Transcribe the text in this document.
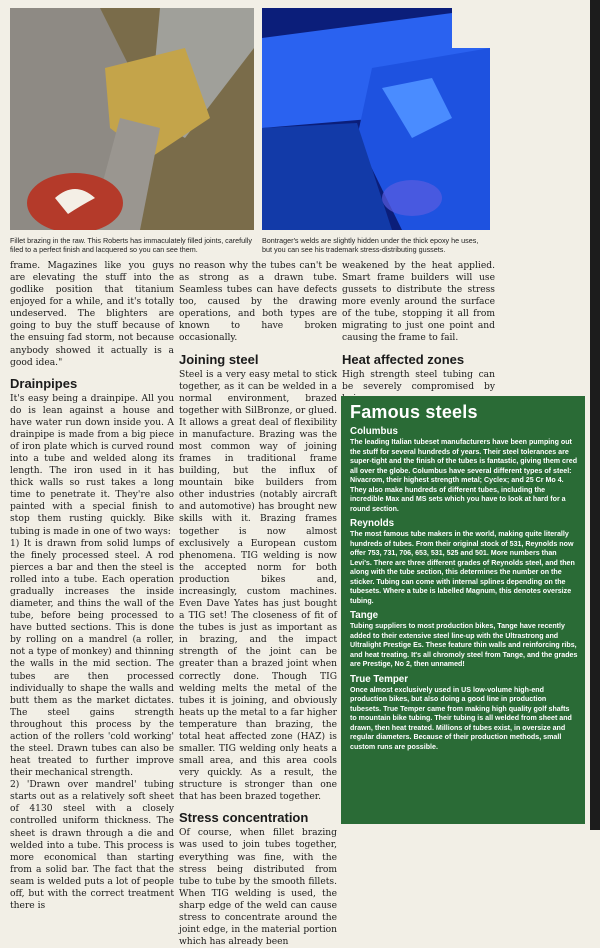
Fillet brazing in the raw. This Roberts has immaculately filled joints, carefully filed to a perfect finish and lacquered so you can see them.
Bontrager's welds are slightly hidden under the thick epoxy he uses, but you can see his trademark stress-distributing gussets.

frame. Magazines like you guys are elevating the stuff into the godlike position that titanium enjoyed for a while, and it's totally undeserved. The blighters are going to buy the stuff because of the ensuing fad storm, not because anybody showed it actually is a good idea."

Drainpipes

It's easy being a drainpipe. All you do is lean against a house and have water run down inside you. A drainpipe is made from a big piece of iron plate which is curved round into a tube and welded along its length. The iron used in it has thick walls so rust takes a long time to penetrate it. They're also painted with a special finish to stop them rusting quickly. Bike tubing is made in one of two ways:

1) It is drawn from solid lumps of the finely processed steel. A rod pierces a bar and then the steel is rolled into a tube. Each operation gradually increases the inside diameter, and thins the wall of the tube, before being processed to have butted sections. This is done by rolling on a mandrel (a roller, not a type of monkey) and thinning the walls in the mid section. The tubes are then processed individually to shape the walls and butt them as the market dictates. The steel gains strength throughout this process by the action of the rollers 'cold working' the steel. Drawn tubes can also be heat treated to further improve their mechanical strength.

2) 'Drawn over mandrel' tubing starts out as a relatively soft sheet of 4130 steel with a closely controlled uniform thickness. The sheet is drawn through a die and welded into a tube. This process is more economical than starting from a solid bar. The fact that the seam is welded puts a lot of people off, but with the correct treatment there is

no reason why the tubes can't be as strong as a drawn tube. Seamless tubes can have defects too, caused by the drawing operations, and both types are known to have broken occasionally.

Joining steel

Steel is a very easy metal to stick together, as it can be welded in a normal environment, brazed together with SilBronze, or glued. It allows a great deal of flexibility in manufacture. Brazing was the most common way of joining frames in traditional frame building, but the influx of mountain bike builders from other industries (notably aircraft and automotive) has brought new skills with it. Brazing frames together is now almost exclusively a European custom phenomena. TIG welding is now the accepted norm for both production bikes and, increasingly, custom machines. Even Dave Yates has just bought a TIG set! The closeness of fit of the tubes is just as important as in brazing, and the impact strength of the joint can be greater than a brazed joint when correctly done. Though TIG welding melts the metal of the tubes it is joining, and obviously heats up the metal to a far higher temperature than brazing, the total heat affected zone (HAZ) is smaller. TIG welding only heats a small area, and this area cools very quickly. As a result, the structure is stronger than one that has been brazed together.

Stress concentration

Of course, when fillet brazing was used to join tubes together, everything was fine, with the stress being distributed from tube to tube by the smooth fillets. When TIG welding is used, the sharp edge of the weld can cause stress to concentrate around the joint edge, in the material portion which has already been

weakened by the heat applied. Smart frame builders will use gussets to distribute the stress more evenly around the surface of the tube, stopping it all from migrating to just one point and causing the frame to fail.

Heat affected zones

High strength steel tubing can be severely compromised by

Famous steels
Columbus

The leading Italian tubeset manufacturers have been pumping out the stuff for several hundreds of years. Their steel tolerances are super-tight and the finish of the tubes is fantastic, giving them cred all over the globe. Columbus have several different types of steel: Nivacrom, their highest strength metal; Cyclex; and 25 Cr Mo 4. They also make hundreds of different tubes, including the incredible Max and MS sets which you have to look at hard for a round section.

Reynolds

The most famous tube makers in the world, making quite literally hundreds of tubes. From their original stock of 531, Reynolds now offer 753, 731, 706, 653, 531, 525 and 501. More numbers than Levi's. There are three different grades of Reynolds steel, and then along with the tube section, this determines the number on the sticker. Tubing can come with internal splines depending on the tubesets. Where a tube is labelled Magnum, this denotes oversize tubing.

Tange

Tubing suppliers to most production bikes, Tange have recently added to their extensive steel line-up with the Ultrastrong and Ultralight Prestige Es. These feature thin walls and reinforcing ribs, and heat treating. It's all chromoly steel from Tange, and the grades are Prestige, No 2, then unnamed!

True Temper

Once almost exclusively used in US low-volume high-end production bikes, but also doing a good line in production tubesets. True Temper came from making high quality golf shafts to mountain bike tubing. Their tubing is all welded from sheet and drawn, then heat treated. Millions of tubes exist, in oversize and regular diameters. Because of their production methods, small custom runs are possible.
